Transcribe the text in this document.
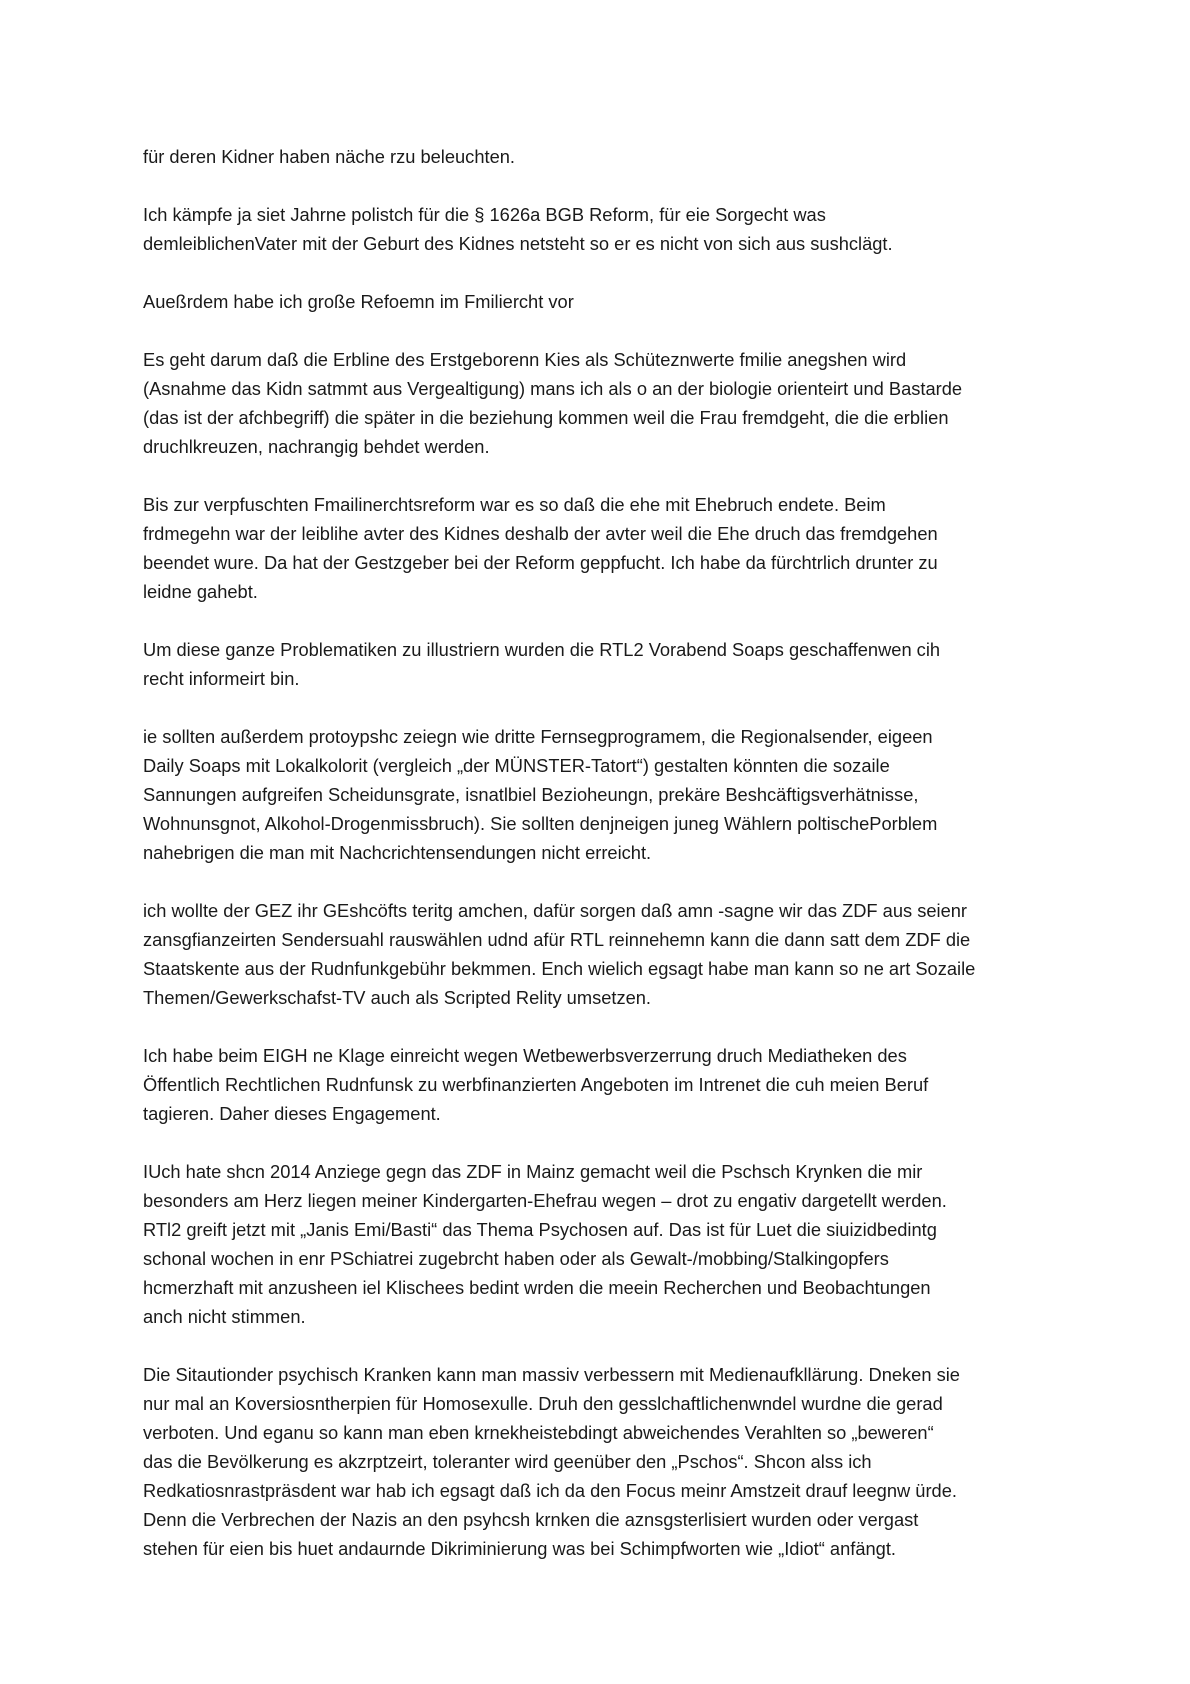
für deren Kidner haben näche rzu beleuchten.

Ich kämpfe ja siet Jahrne polistch für die § 1626a BGB Reform, für eie Sorgecht was
demleiblichenVater mit der Geburt des Kidnes netsteht so er es nicht von sich aus sushclägt.

Aueßrdem habe ich große Refoemn im Fmiliercht vor

Es geht darum daß die Erbline des Erstgeborenn Kies als Schüteznwerte fmilie anegshen wird
(Asnahme das Kidn satmmt aus Vergealtigung) mans ich als o an der biologie orienteirt und Bastarde
(das ist der afchbegriff) die später in die beziehung kommen weil die Frau fremdgeht, die die erblien
druchlkreuzen, nachrangig behdet werden.

Bis zur verpfuschten Fmailinerchtsreform war es so daß die ehe mit Ehebruch endete. Beim
frdmegehn war der leiblihe avter des Kidnes deshalb der avter weil die Ehe druch das fremdgehen
beendet wure. Da hat der Gestzgeber bei der Reform geppfucht. Ich habe da fürchtrlich drunter zu
leidne gahebt.

Um diese ganze Problematiken zu illustriern wurden die RTL2 Vorabend Soaps geschaffenwen cih
recht informeirt bin.

ie sollten außerdem protoypshc zeiegn wie dritte Fernsegprogramem, die Regionalsender, eigeen
Daily Soaps mit Lokalkolorit (vergleich „der MÜNSTER-Tatort“) gestalten könnten die sozaile
Sannungen aufgreifen Scheidunsgrate, isnatlbiel Bezioheungn, prekäre Beshcäftigsverhätnisse,
Wohnunsgnot, Alkohol-Drogenmissbruch). Sie sollten denjneigen juneg Wählern poltischePorblem
nahebrigen die man mit Nachcrichtensendungen nicht erreicht.

ich wollte der GEZ ihr GEshcöfts teritg amchen, dafür sorgen daß amn -sagne wir das ZDF aus seienr
zansgfianzeirten Sendersuahl rauswählen udnd afür RTL reinnehemn kann die dann satt dem ZDF die
Staatskente aus der Rudnfunkgebühr bekmmen. Ench wielich egsagt habe man kann so ne art Sozaile
Themen/Gewerkschafst-TV auch als Scripted Relity umsetzen.

Ich habe beim EIGH ne Klage einreicht wegen Wetbewerbsverzerrung druch Mediatheken des
Öffentlich Rechtlichen Rudnfunsk zu werbfinanzierten Angeboten im Intrenet die cuh meien Beruf
tagieren. Daher dieses Engagement.

IUch hate shcn 2014 Anziege gegn das ZDF in Mainz gemacht weil die Pschsch Krynken die mir
besonders am Herz liegen meiner Kindergarten-Ehefrau wegen – drot zu engativ dargetellt werden.
RTl2 greift jetzt mit „Janis Emi/Basti“ das Thema Psychosen auf. Das ist für Luet die siuizidbedintg
schonal wochen in enr PSchiatrei zugebrcht haben oder als Gewalt-/mobbing/Stalkingopfers
hcmerzhaft mit anzusheen iel Klischees bedint wrden die meein Recherchen und Beobachtungen
anch nicht stimmen.

Die Sitautionder psychisch Kranken kann man massiv verbessern mit Medienaufkllärung. Dneken sie
nur mal an Koversiosntherpien für Homosexulle. Druh den gesslchaftlichenwndel wurdne die gerad
verboten. Und eganu so kann man eben krnekheistebdingt abweichendes Verahlten so „beweren“
das die Bevölkerung es akzrptzeirt, toleranter wird geenüber den „Pschos“. Shcon alss ich
Redkatiosnrastpräsdent war hab ich egsagt daß ich da den Focus meinr Amstzeit drauf leegnw ürde.
Denn die Verbrechen der Nazis an den psyhcsh krnken die aznsgsterlisiert wurden oder vergast
stehen für eien bis huet andaurnde Dikriminierung was bei Schimpfworten wie „Idiot“ anfängt.
